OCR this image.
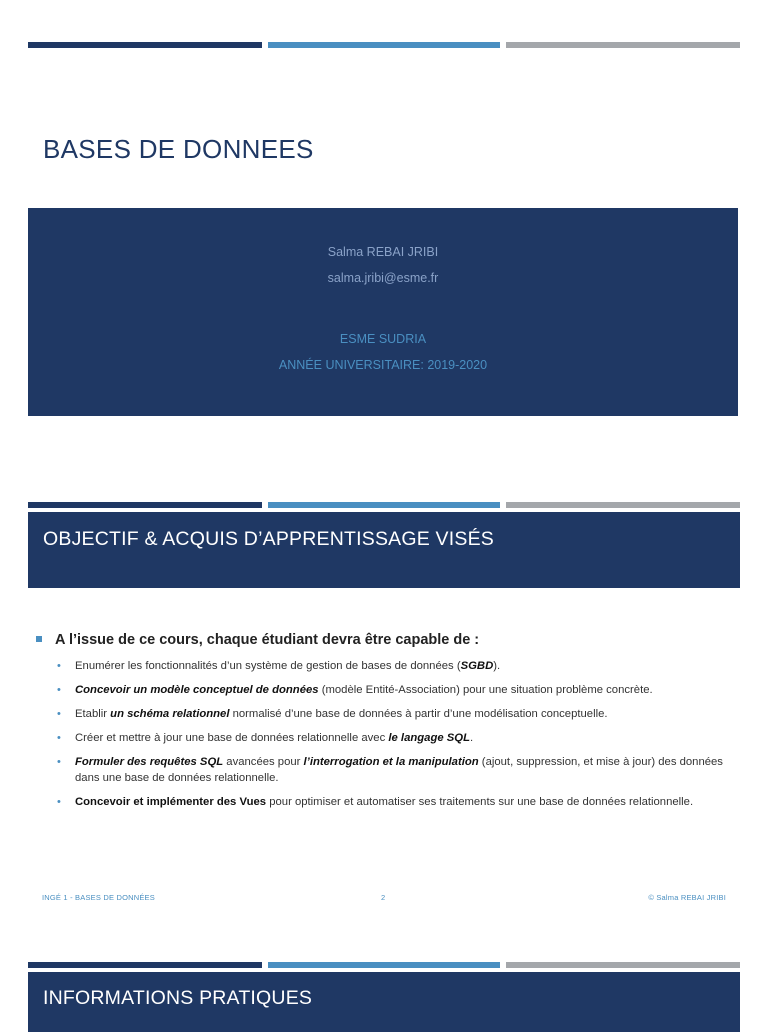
BASES DE DONNEES
Salma REBAI JRIBI
salma.jribi@esme.fr
ESME SUDRIA
ANNÉE UNIVERSITAIRE: 2019-2020
OBJECTIF & ACQUIS D’APPRENTISSAGE VISÉS
A l’issue de ce cours, chaque étudiant devra être capable de :
• Enumérer les fonctionnalités d’un système de gestion de bases de données (SGBD).
• Concevoir un modèle conceptuel de données (modèle Entité-Association) pour une situation problème concrète.
• Etablir un schéma relationnel normalisé d’une base de données à partir d’une modélisation conceptuelle.
• Créer et mettre à jour une base de données relationnelle avec le langage SQL.
• Formuler des requêtes SQL avancées pour l’interrogation et la manipulation (ajout, suppression, et mise à jour) des données dans une base de données relationnelle.
• Concevoir et implémenter des Vues pour optimiser et automatiser ses traitements sur une base de données relationnelle.
INGÉ 1 - BASES DE DONNÉES	2	© Salma REBAI JRIBI
INFORMATIONS PRATIQUES
